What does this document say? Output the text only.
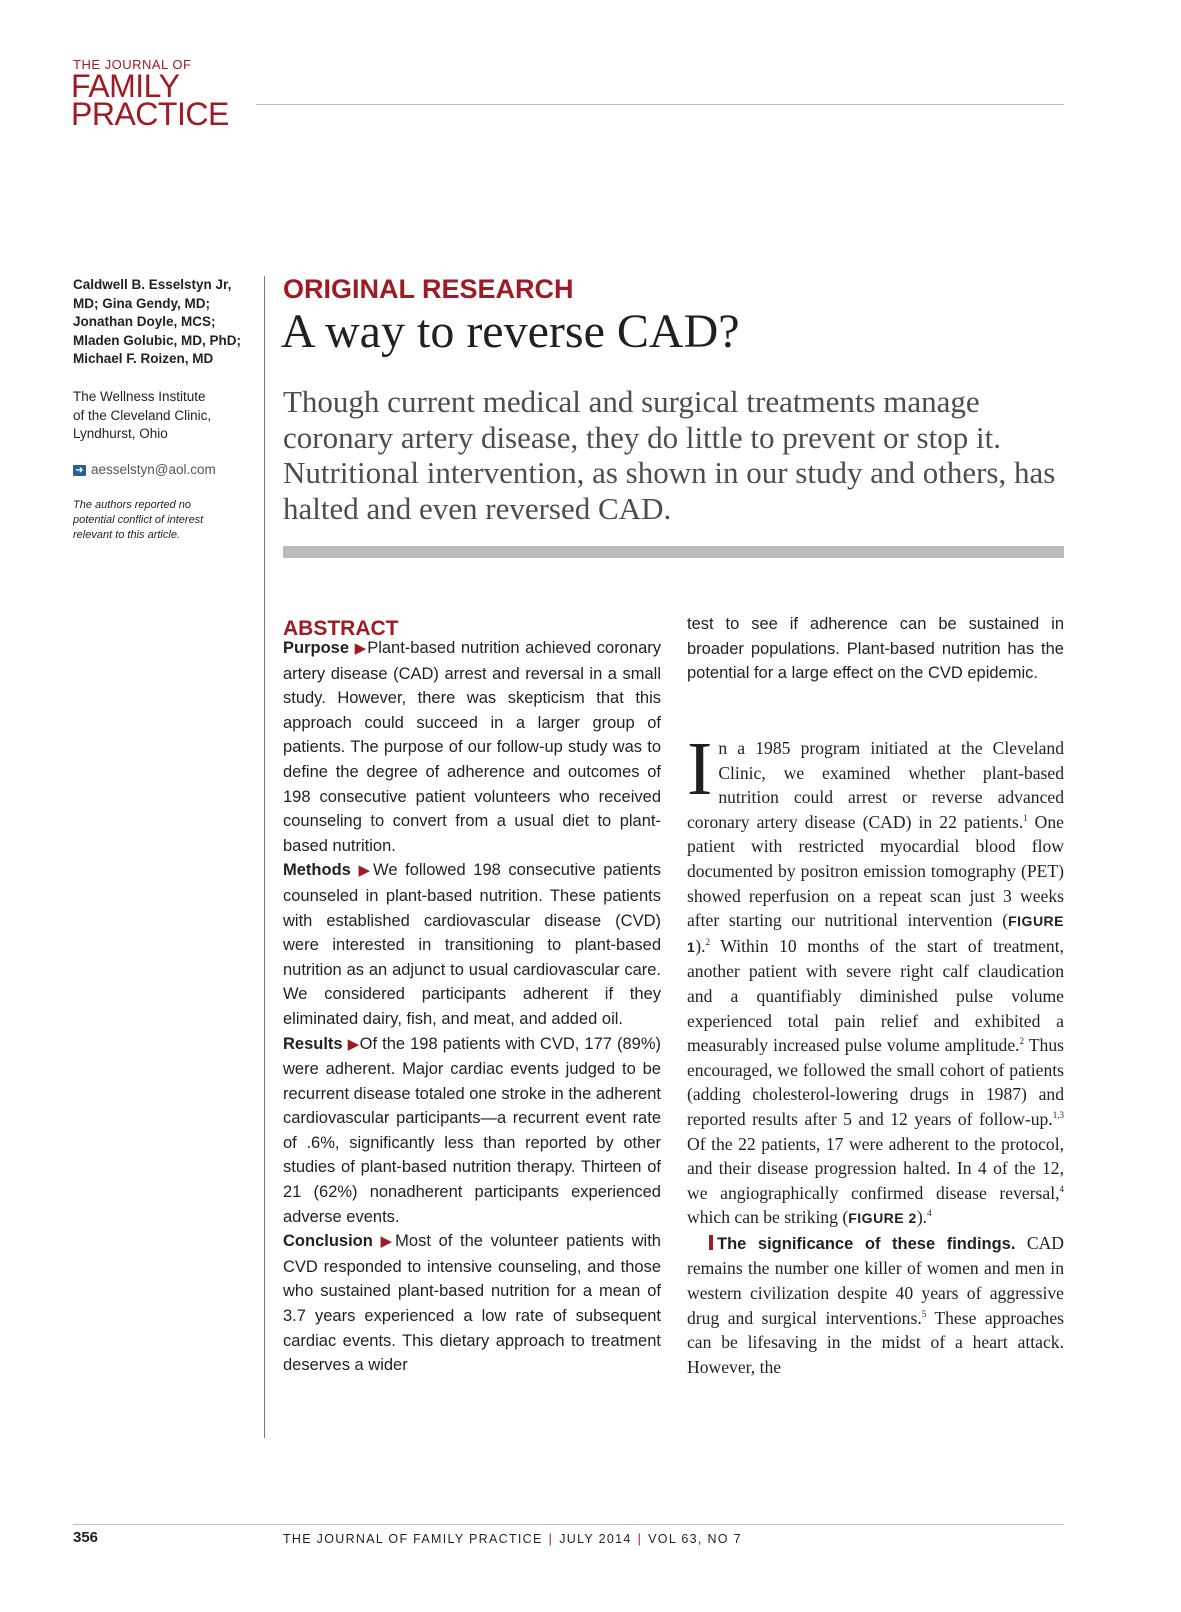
THE JOURNAL OF
FAMILY
PRACTICE
Caldwell B. Esselstyn Jr, MD; Gina Gendy, MD; Jonathan Doyle, MCS; Mladen Golubic, MD, PhD; Michael F. Roizen, MD
The Wellness Institute
of the Cleveland Clinic,
Lyndhurst, Ohio
➜ aesselstyn@aol.com
The authors reported no potential conflict of interest relevant to this article.
ORIGINAL RESEARCH
A way to reverse CAD?
Though current medical and surgical treatments manage coronary artery disease, they do little to prevent or stop it. Nutritional intervention, as shown in our study and others, has halted and even reversed CAD.
ABSTRACT

Purpose ▶Plant-based nutrition achieved coronary artery disease (CAD) arrest and reversal in a small study. However, there was skepticism that this approach could succeed in a larger group of patients. The purpose of our follow-up study was to define the degree of adherence and outcomes of 198 consecutive patient volunteers who received counseling to convert from a usual diet to plant-based nutrition.

Methods ▶We followed 198 consecutive patients counseled in plant-based nutrition. These patients with established cardiovascular disease (CVD) were interested in transitioning to plant-based nutrition as an adjunct to usual cardiovascular care. We considered participants adherent if they eliminated dairy, fish, and meat, and added oil.

Results ▶Of the 198 patients with CVD, 177 (89%) were adherent. Major cardiac events judged to be recurrent disease totaled one stroke in the adherent cardiovascular participants—a recurrent event rate of .6%, significantly less than reported by other studies of plant-based nutrition therapy. Thirteen of 21 (62%) nonadherent participants experienced adverse events.

Conclusion ▶Most of the volunteer patients with CVD responded to intensive counseling, and those who sustained plant-based nutrition for a mean of 3.7 years experienced a low rate of subsequent cardiac events. This dietary approach to treatment deserves a wider

test to see if adherence can be sustained in broader populations. Plant-based nutrition has the potential for a large effect on the CVD epidemic.

In a 1985 program initiated at the Cleveland Clinic, we examined whether plant-based nutrition could arrest or reverse advanced coronary artery disease (CAD) in 22 patients.$^1$ One patient with restricted myocardial blood flow documented by positron emission tomography (PET) showed reperfusion on a repeat scan just 3 weeks after starting our nutritional intervention (FIGURE 1).$^2$ Within 10 months of the start of treatment, another patient with severe right calf claudication and a quantifiably diminished pulse volume experienced total pain relief and exhibited a measurably increased pulse volume amplitude.$^2$ Thus encouraged, we followed the small cohort of patients (adding cholesterol-lowering drugs in 1987) and reported results after 5 and 12 years of follow-up.$^{1,3}$ Of the 22 patients, 17 were adherent to the protocol, and their disease progression halted. In 4 of the 12, we angiographically confirmed disease reversal,$^4$ which can be striking (FIGURE 2).$^4$

The significance of these findings. CAD remains the number one killer of women and men in western civilization despite 40 years of aggressive drug and surgical interventions.$^5$ These approaches can be lifesaving in the midst of a heart attack. However, the

356	THE JOURNAL OF FAMILY PRACTICE | JULY 2014 | VOL 63, NO 7
